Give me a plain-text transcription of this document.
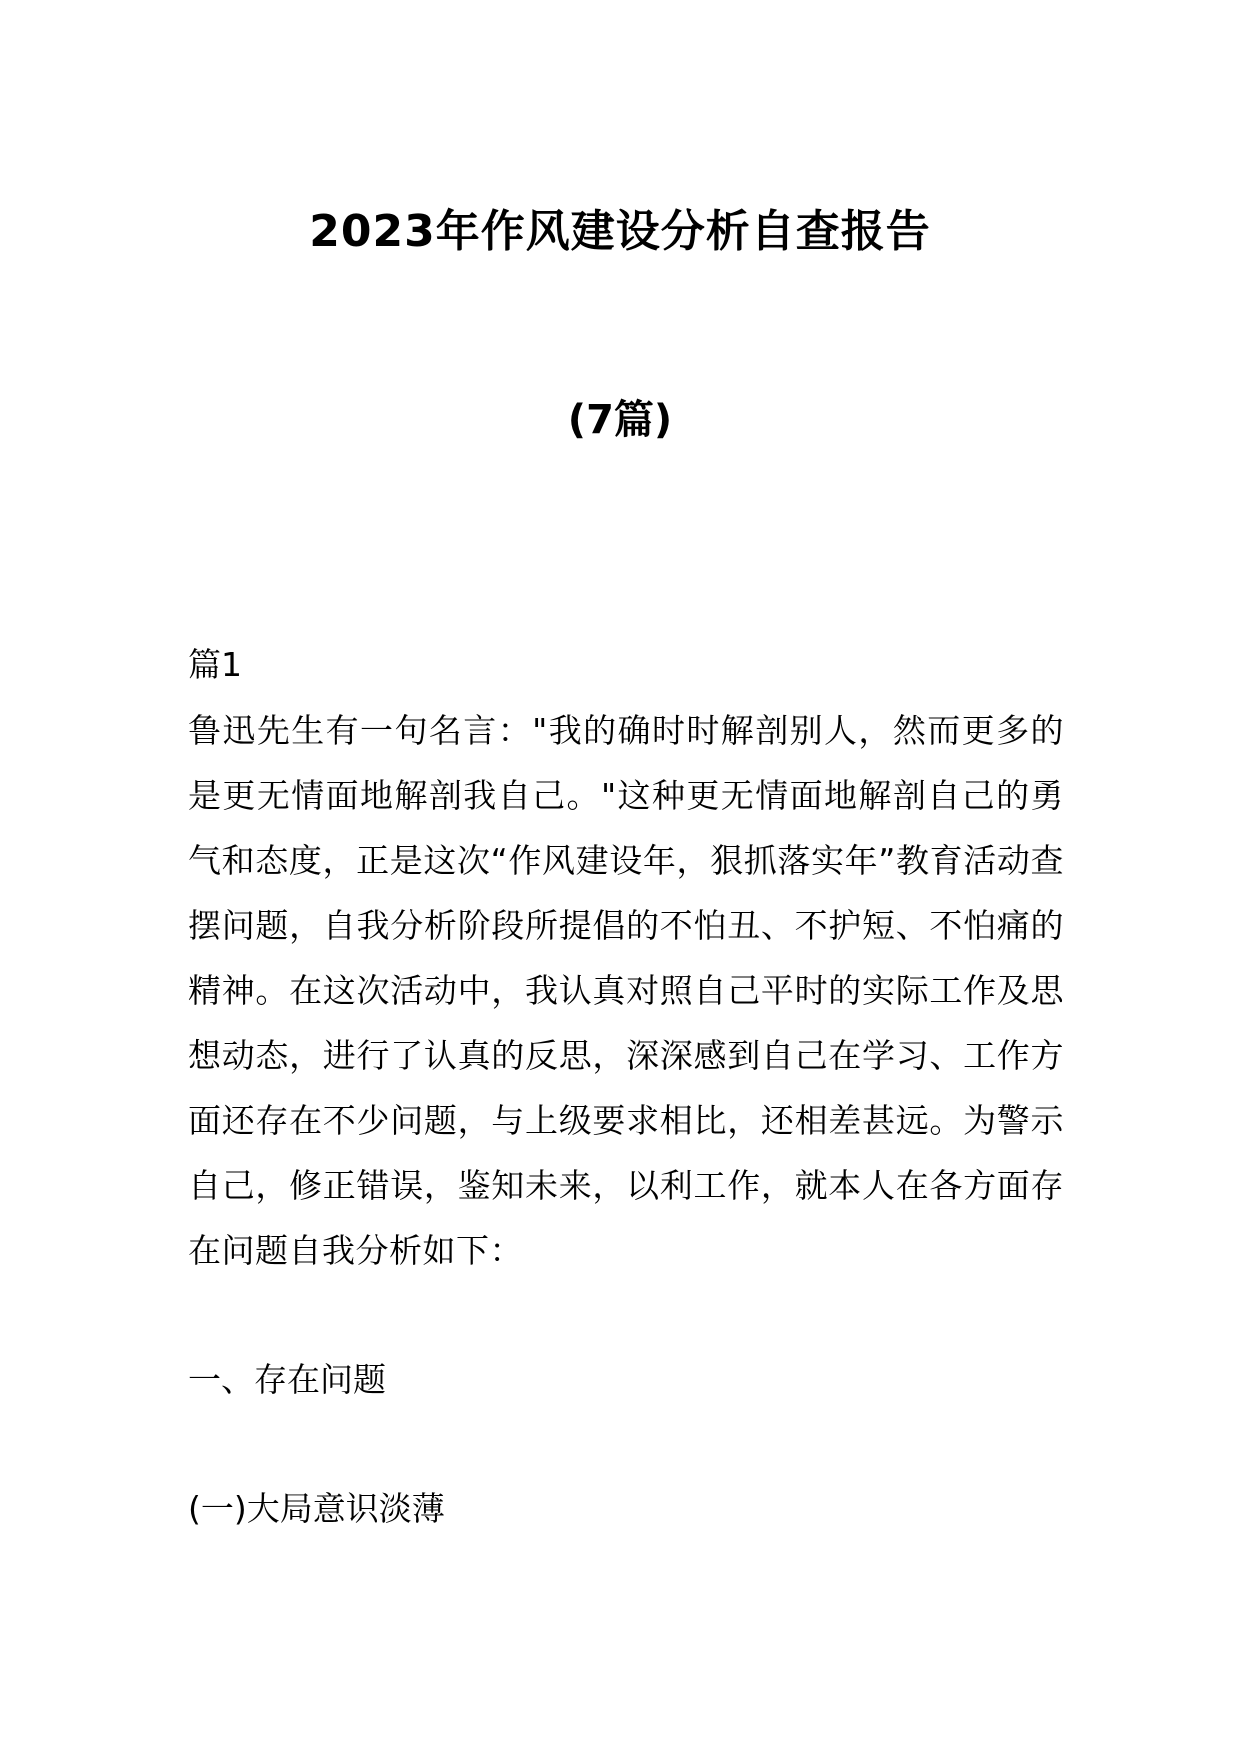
2023年作风建设分析自查报告
(7篇)
篇1
鲁迅先生有一句名言："我的确时时解剖别人，然而更多的是更无情面地解剖我自己。"这种更无情面地解剖自己的勇气和态度，正是这次“作风建设年，狠抓落实年”教育活动查摆问题，自我分析阶段所提倡的不怕丑、不护短、不怕痛的精神。在这次活动中，我认真对照自己平时的实际工作及思想动态，进行了认真的反思，深深感到自己在学习、工作方面还存在不少问题，与上级要求相比，还相差甚远。为警示自己，修正错误，鉴知未来，以利工作，就本人在各方面存在问题自我分析如下：
一、存在问题
(一)大局意识淡薄
